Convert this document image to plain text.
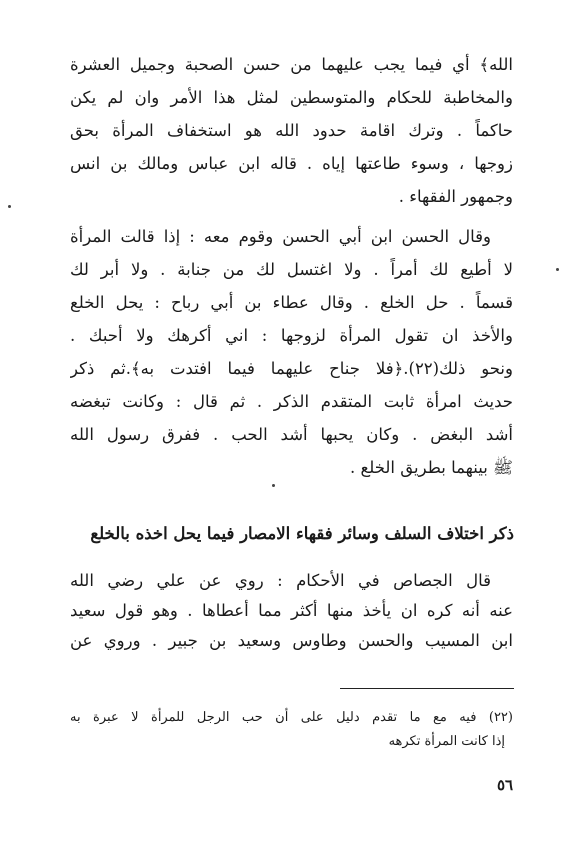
الله﴾ أي فيما يجب عليهما من حسن الصحبة وجميل العشرة
والمخاطبة للحكام والمتوسطين لمثل هذا الأمر وان لم يكن
حاكماً . وترك اقامة حدود الله هو استخفاف المرأة بحق
زوجها ، وسوء طاعتها إياه . قاله ابن عباس ومالك بن انس
وجمهور الفقهاء .
وقال الحسن ابن أبي الحسن وقوم معه : إذا قالت المرأة
لا أطيع لك أمراً . ولا اغتسل لك من جنابة . ولا أبر لك
قسماً . حل الخلع . وقال عطاء بن أبي رباح : يحل الخلع
والأخذ ان تقول المرأة لزوجها : اني أكرهك ولا أحبك .
ونحو ذلك(٢٢).﴿فلا جناح عليهما فيما افتدت به﴾.ثم ذكر
حديث امرأة ثابت المتقدم الذكر . ثم قال : وكانت تبغضه
أشد البغض . وكان يحبها أشد الحب . ففرق رسول الله
ﷺ بينهما بطريق الخلع .
ذكر اختلاف السلف وسائر فقهاء الامصار فيما يحل اخذه بالخلع
قال الجصاص في الأحكام : روي عن علي رضي الله
عنه أنه كره ان يأخذ منها أكثر مما أعطاها . وهو قول سعيد
ابن المسيب والحسن وطاوس وسعيد بن جبير . وروي عن
(٢٢) فيه مع ما تقدم دليل على أن حب الرجل للمرأة لا عبرة به
إذا كانت المرأة تكرهه
٥٦
